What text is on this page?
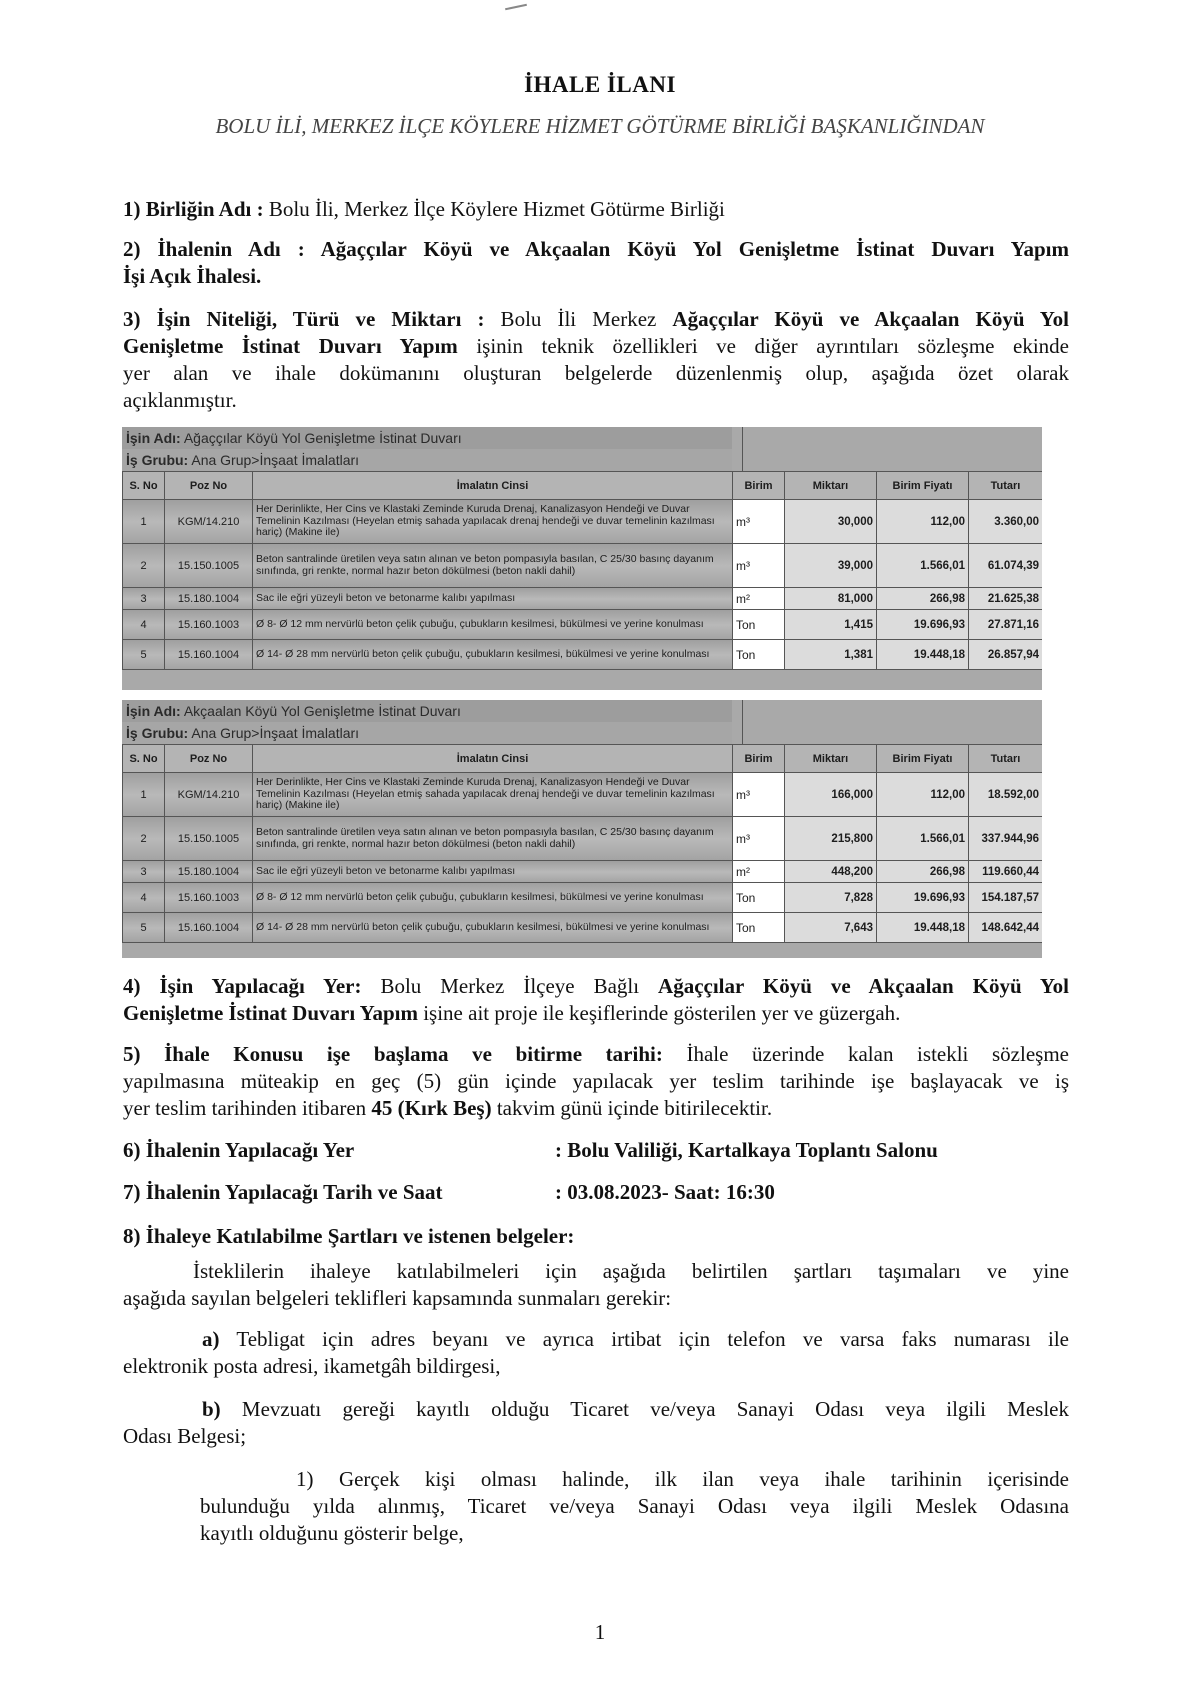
İHALE İLANI
BOLU İLİ, MERKEZ İLÇE KÖYLERE HİZMET GÖTÜRME BİRLİĞİ BAŞKANLIĞINDAN
1) Birliğin Adı : Bolu İli, Merkez İlçe Köylere Hizmet Götürme Birliği
2) İhalenin Adı : Ağaççılar Köyü ve Akçaalan Köyü Yol Genişletme İstinat Duvarı Yapım
İşi Açık İhalesi.
3) İşin Niteliği, Türü ve Miktarı : Bolu İli Merkez Ağaççılar Köyü ve Akçaalan Köyü Yol
Genişletme İstinat Duvarı Yapım işinin teknik özellikleri ve diğer ayrıntıları sözleşme ekinde
yer alan ve ihale dokümanını oluşturan belgelerde düzenlenmiş olup, aşağıda özet olarak
açıklanmıştır.
İşin Adı: Ağaççılar Köyü Yol Genişletme İstinat Duvarı
İş Grubu: Ana Grup>İnşaat İmalatları
S. No	Poz No	İmalatın Cinsi	Birim	Miktarı	Birim Fiyatı	Tutarı
1	KGM/14.210	Her Derinlikte, Her Cins ve Klastaki Zeminde Kuruda Drenaj, Kanalizasyon Hendeği ve Duvar Temelinin Kazılması (Heyelan etmiş sahada yapılacak drenaj hendeği ve duvar temelinin kazılması hariç) (Makine ile)	m³	30,000	112,00	3.360,00
2	15.150.1005	Beton santralinde üretilen veya satın alınan ve beton pompasıyla basılan, C 25/30 basınç dayanım sınıfında, gri renkte, normal hazır beton dökülmesi (beton nakli dahil)	m³	39,000	1.566,01	61.074,39
3	15.180.1004	Sac ile eğri yüzeyli beton ve betonarme kalıbı yapılması	m²	81,000	266,98	21.625,38
4	15.160.1003	Ø 8- Ø 12 mm nervürlü beton çelik çubuğu, çubukların kesilmesi, bükülmesi ve yerine konulması	Ton	1,415	19.696,93	27.871,16
5	15.160.1004	Ø 14- Ø 28 mm nervürlü beton çelik çubuğu, çubukların kesilmesi, bükülmesi ve yerine konulması	Ton	1,381	19.448,18	26.857,94
İşin Adı: Akçaalan Köyü Yol Genişletme İstinat Duvarı
İş Grubu: Ana Grup>İnşaat İmalatları
S. No	Poz No	İmalatın Cinsi	Birim	Miktarı	Birim Fiyatı	Tutarı
1	KGM/14.210	Her Derinlikte, Her Cins ve Klastaki Zeminde Kuruda Drenaj, Kanalizasyon Hendeği ve Duvar Temelinin Kazılması (Heyelan etmiş sahada yapılacak drenaj hendeği ve duvar temelinin kazılması hariç) (Makine ile)	m³	166,000	112,00	18.592,00
2	15.150.1005	Beton santralinde üretilen veya satın alınan ve beton pompasıyla basılan, C 25/30 basınç dayanım sınıfında, gri renkte, normal hazır beton dökülmesi (beton nakli dahil)	m³	215,800	1.566,01	337.944,96
3	15.180.1004	Sac ile eğri yüzeyli beton ve betonarme kalıbı yapılması	m²	448,200	266,98	119.660,44
4	15.160.1003	Ø 8- Ø 12 mm nervürlü beton çelik çubuğu, çubukların kesilmesi, bükülmesi ve yerine konulması	Ton	7,828	19.696,93	154.187,57
5	15.160.1004	Ø 14- Ø 28 mm nervürlü beton çelik çubuğu, çubukların kesilmesi, bükülmesi ve yerine konulması	Ton	7,643	19.448,18	148.642,44
4) İşin Yapılacağı Yer: Bolu Merkez İlçeye Bağlı Ağaççılar Köyü ve Akçaalan Köyü Yol
Genişletme İstinat Duvarı Yapım işine ait proje ile keşiflerinde gösterilen yer ve güzergah.
5) İhale Konusu işe başlama ve bitirme tarihi: İhale üzerinde kalan istekli sözleşme
yapılmasına müteakip en geç (5) gün içinde yapılacak yer teslim tarihinde işe başlayacak ve iş
yer teslim tarihinden itibaren 45 (Kırk Beş) takvim günü içinde bitirilecektir.
6) İhalenin Yapılacağı Yer	: Bolu Valiliği, Kartalkaya Toplantı Salonu
7) İhalenin Yapılacağı Tarih ve Saat	: 03.08.2023- Saat: 16:30
8) İhaleye Katılabilme Şartları ve istenen belgeler:
İsteklilerin ihaleye katılabilmeleri için aşağıda belirtilen şartları taşımaları ve yine
aşağıda sayılan belgeleri teklifleri kapsamında sunmaları gerekir:
a) Tebligat için adres beyanı ve ayrıca irtibat için telefon ve varsa faks numarası ile
elektronik posta adresi, ikametgâh bildirgesi,
b) Mevzuatı gereği kayıtlı olduğu Ticaret ve/veya Sanayi Odası veya ilgili Meslek
Odası Belgesi;
1) Gerçek kişi olması halinde, ilk ilan veya ihale tarihinin içerisinde
bulunduğu yılda alınmış, Ticaret ve/veya Sanayi Odası veya ilgili Meslek Odasına
kayıtlı olduğunu gösterir belge,
1
